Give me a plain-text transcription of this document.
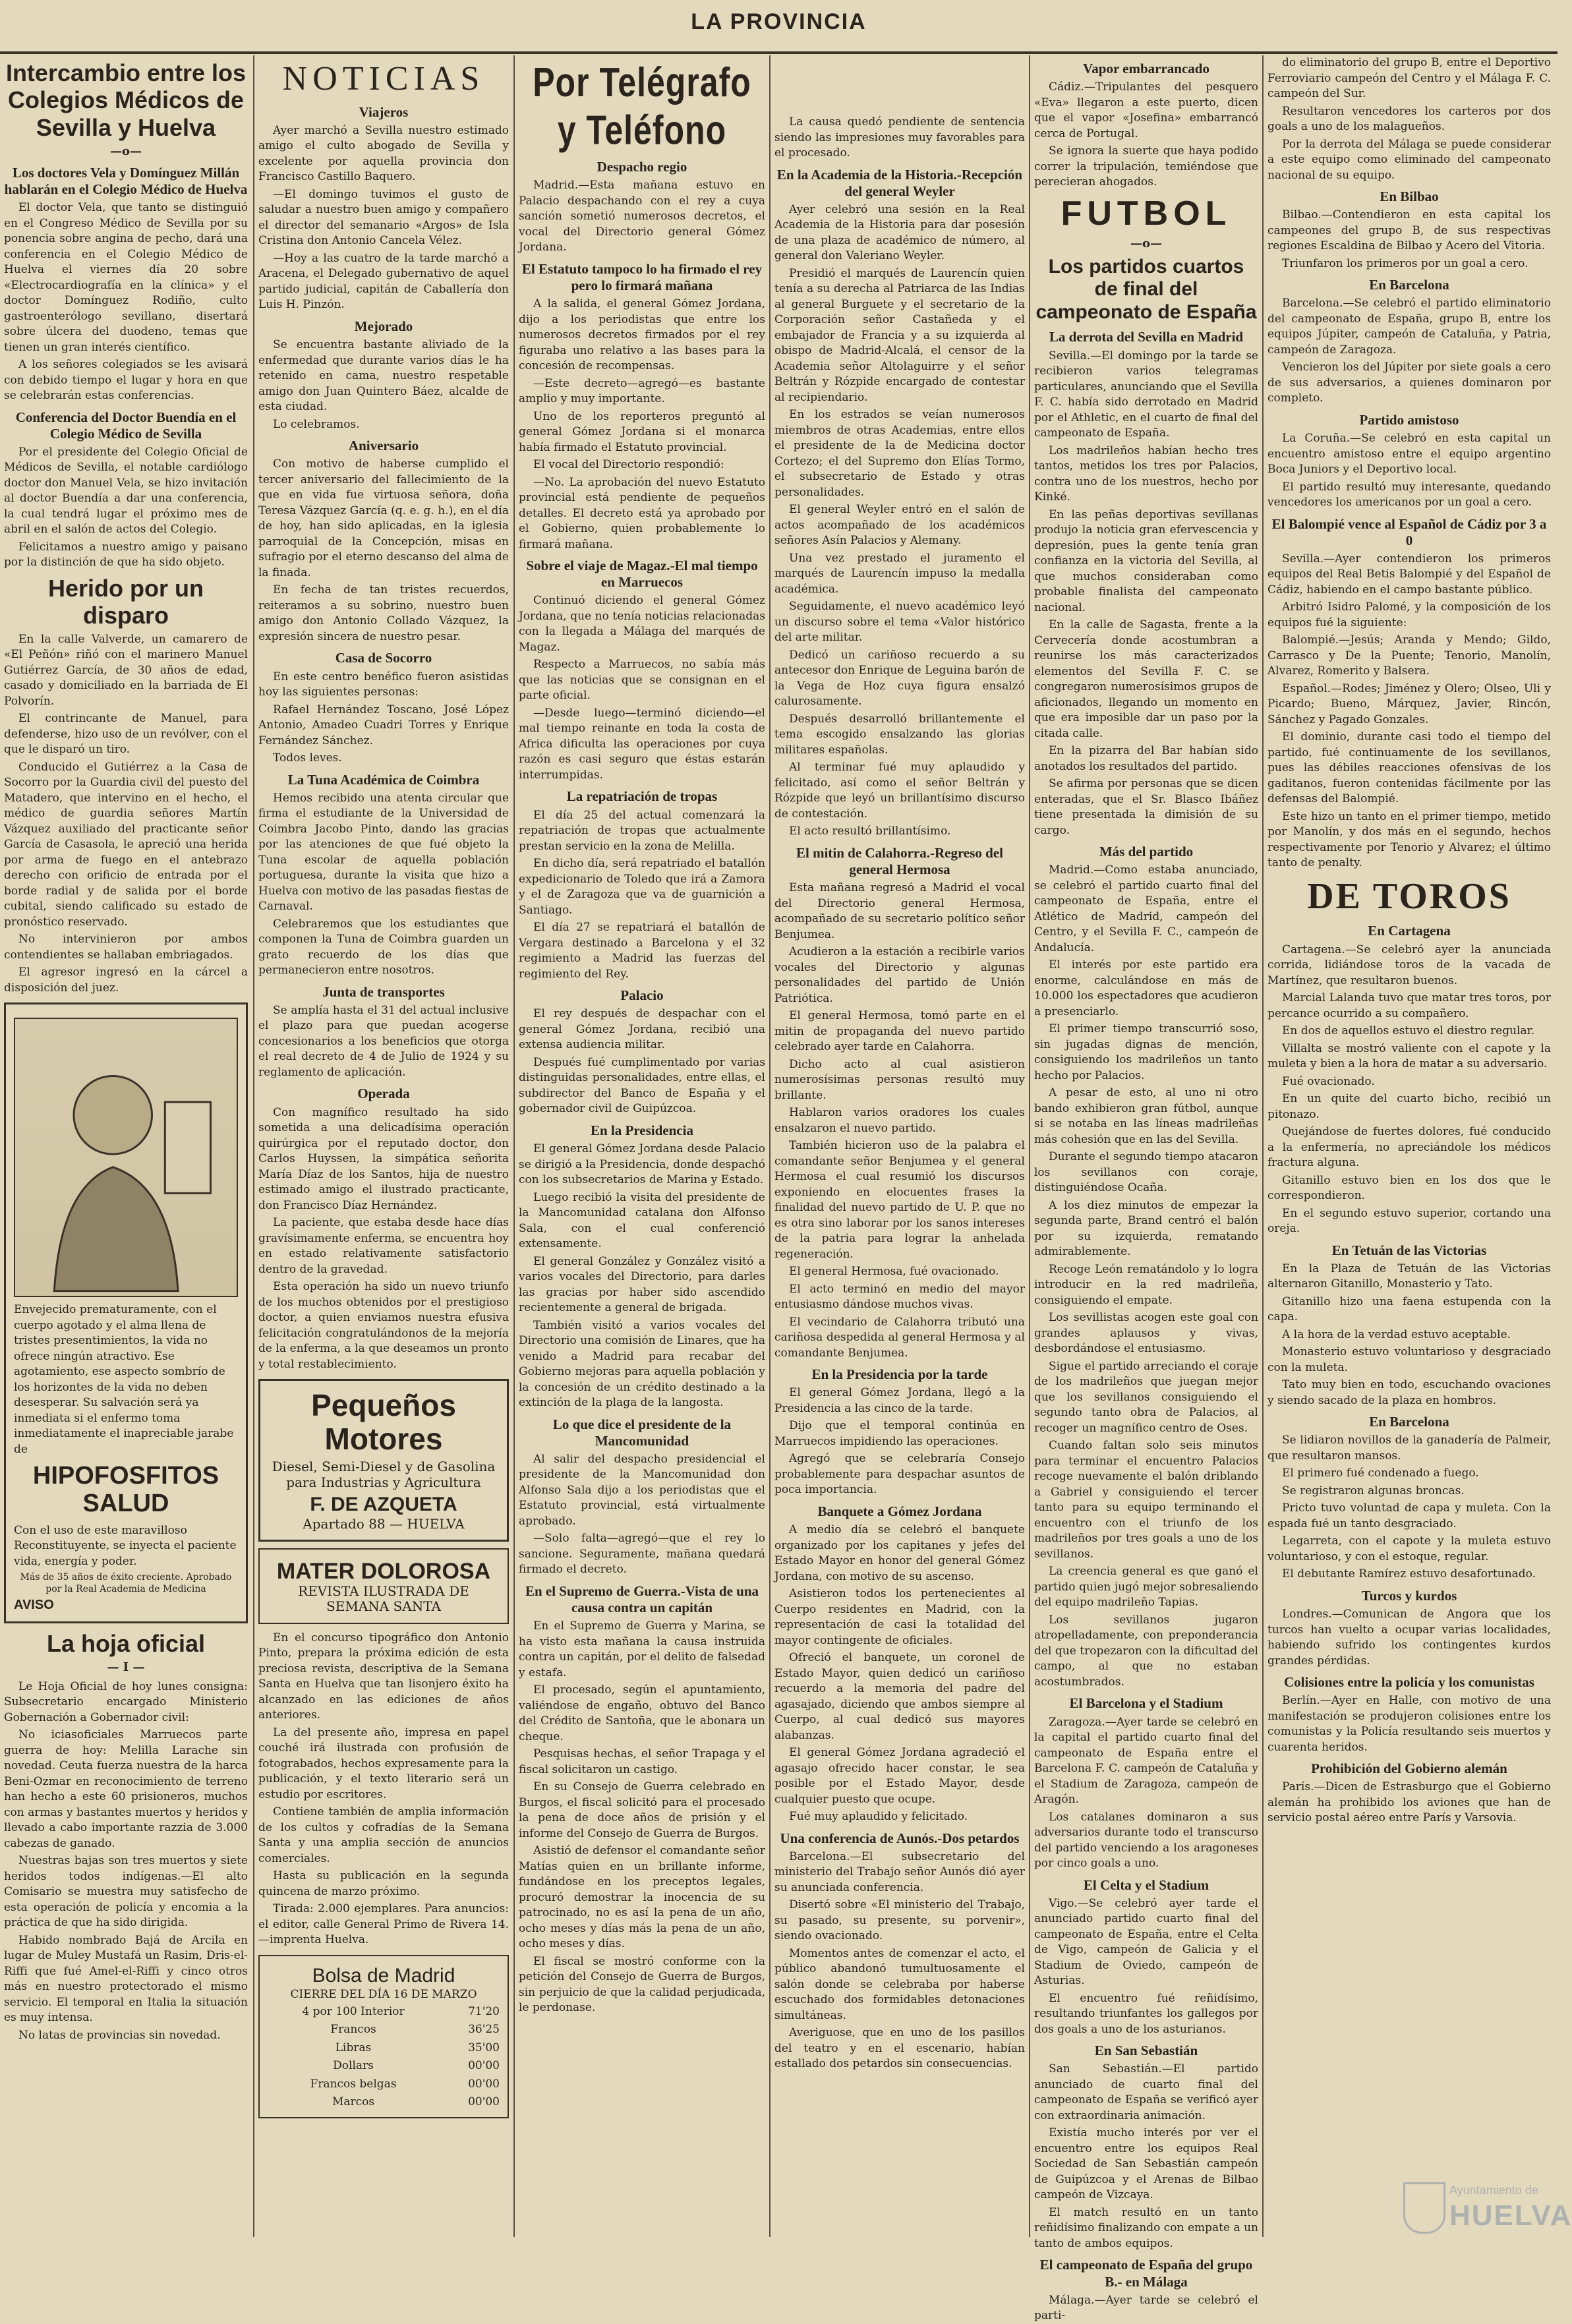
LA PROVINCIA
Intercambio entre los Colegios Médicos de Sevilla y Huelva
—o—
Los doctores Vela y Domínguez Millán hablarán en el Colegio Médico de Huelva

El doctor Vela, que tanto se distinguió en el Congreso Médico de Sevilla por su ponencia sobre angina de pecho, dará una conferencia en el Colegio Médico de Huelva el viernes día 20 sobre «Electrocardiografía en la clínica» y el doctor Domínguez Rodiño, culto gastroenterólogo sevillano, disertará sobre úlcera del duodeno, temas que tienen un gran interés científico.

A los señores colegiados se les avisará con debido tiempo el lugar y hora en que se celebrarán estas conferencias.

Conferencia del Doctor Buendía en el Colegio Médico de Sevilla

Por el presidente del Colegio Oficial de Médicos de Sevilla, el notable cardiólogo doctor don Manuel Vela, se hizo invitación al doctor Buendía a dar una conferencia, la cual tendrá lugar el próximo mes de abril en el salón de actos del Colegio.

Felicitamos a nuestro amigo y paisano por la distinción de que ha sido objeto.

Herido por un disparo

En la calle Valverde, un camarero de «El Peñón» riñó con el marinero Manuel Gutiérrez García, de 30 años de edad, casado y domiciliado en la barriada de El Polvorín.

El contrincante de Manuel, para defenderse, hizo uso de un revólver, con el que le disparó un tiro.

Conducido el Gutiérrez a la Casa de Socorro por la Guardia civil del puesto del Matadero, que intervino en el hecho, el médico de guardia señores Martín Vázquez auxiliado del practicante señor García de Casasola, le apreció una herida por arma de fuego en el antebrazo derecho con orificio de entrada por el borde radial y de salida por el borde cubital, siendo calificado su estado de pronóstico reservado.

No intervinieron por ambos contendientes se hallaban embriagados.

El agresor ingresó en la cárcel a disposición del juez.

Envejecido prematuramente, con el cuerpo agotado y el alma llena de tristes presentimientos, la vida no ofrece ningún atractivo. Ese agotamiento, ese aspecto sombrío de los horizontes de la vida no deben desesperar. Su salvación será ya inmediata si el enfermo toma inmediatamente el inapreciable jarabe de

HIPOFOSFITOS SALUD

Con el uso de este maravilloso Reconstituyente, se inyecta el paciente vida, energía y poder.

Más de 35 años de éxito creciente. Aprobado por la Real Academia de Medicina
AVISO
La hoja oficial
— I —

Le Hoja Oficial de hoy lunes consigna: Subsecretario encargado Ministerio Gobernación a Gobernador civil:

No iciasoficiales Marruecos parte guerra de hoy: Melilla Larache sin novedad. Ceuta fuerza nuestra de la harca Beni-Ozmar en reconocimiento de terreno han hecho a este 60 prisioneros, muchos con armas y bastantes muertos y heridos y llevado a cabo importante razzia de 3.000 cabezas de ganado.

Nuestras bajas son tres muertos y siete heridos todos indígenas.—El alto Comisario se muestra muy satisfecho de esta operación de policía y encomia a la práctica de que ha sido dirigida.

Habido nombrado Bajá de Arcila en lugar de Muley Mustafá un Rasim, Dris-el-Riffi que fué Amel-el-Riffi y cinco otros más en nuestro protectorado el mismo servicio. El temporal en Italia la situación es muy intensa.

No latas de provincias sin novedad.

NOTICIAS
Viajeros

Ayer marchó a Sevilla nuestro estimado amigo el culto abogado de Sevilla y excelente por aquella provincia don Francisco Castillo Baquero.

—El domingo tuvimos el gusto de saludar a nuestro buen amigo y compañero el director del semanario «Argos» de Isla Cristina don Antonio Cancela Vélez.

—Hoy a las cuatro de la tarde marchó a Aracena, el Delegado gubernativo de aquel partido judicial, capitán de Caballería don Luis H. Pinzón.

Mejorado

Se encuentra bastante aliviado de la enfermedad que durante varios días le ha retenido en cama, nuestro respetable amigo don Juan Quintero Báez, alcalde de esta ciudad.

Lo celebramos.

Aniversario

Con motivo de haberse cumplido el tercer aniversario del fallecimiento de la que en vida fue virtuosa señora, doña Teresa Vázquez García (q. e. g. h.), en el día de hoy, han sido aplicadas, en la iglesia parroquial de la Concepción, misas en sufragio por el eterno descanso del alma de la finada.

En fecha de tan tristes recuerdos, reiteramos a su sobrino, nuestro buen amigo don Antonio Collado Vázquez, la expresión sincera de nuestro pesar.

Casa de Socorro

En este centro benéfico fueron asistidas hoy las siguientes personas:

Rafael Hernández Toscano, José López Antonio, Amadeo Cuadri Torres y Enrique Fernández Sánchez.

Todos leves.

La Tuna Académica de Coimbra

Hemos recibido una atenta circular que firma el estudiante de la Universidad de Coimbra Jacobo Pinto, dando las gracias por las atenciones de que fué objeto la Tuna escolar de aquella población portuguesa, durante la visita que hizo a Huelva con motivo de las pasadas fiestas de Carnaval.

Celebraremos que los estudiantes que componen la Tuna de Coimbra guarden un grato recuerdo de los días que permanecieron entre nosotros.

Junta de transportes

Se amplía hasta el 31 del actual inclusive el plazo para que puedan acogerse concesionarios a los beneficios que otorga el real decreto de 4 de Julio de 1924 y su reglamento de aplicación.

Operada

Con magnífico resultado ha sido sometida a una delicadísima operación quirúrgica por el reputado doctor, don Carlos Huyssen, la simpática señorita María Díaz de los Santos, hija de nuestro estimado amigo el ilustrado practicante, don Francisco Díaz Hernández.

La paciente, que estaba desde hace días gravísimamente enferma, se encuentra hoy en estado relativamente satisfactorio dentro de la gravedad.

Esta operación ha sido un nuevo triunfo de los muchos obtenidos por el prestigioso doctor, a quien enviamos nuestra efusiva felicitación congratulándonos de la mejoría de la enferma, a la que deseamos un pronto y total restablecimiento.

Pequeños Motores
Diesel, Semi-Diesel y de Gasolina para Industrias y Agricultura
F. DE AZQUETA
Apartado 88 — HUELVA
MATER DOLOROSA
REVISTA ILUSTRADA DE SEMANA SANTA

En el concurso tipográfico don Antonio Pinto, prepara la próxima edición de esta preciosa revista, descriptiva de la Semana Santa en Huelva que tan lisonjero éxito ha alcanzado en las ediciones de años anteriores.

La del presente año, impresa en papel couché irá ilustrada con profusión de fotograbados, hechos expresamente para la publicación, y el texto literario será un estudio por escritores.

Contiene también de amplia información de los cultos y cofradías de la Semana Santa y una amplia sección de anuncios comerciales.

Hasta su publicación en la segunda quincena de marzo próximo.

Tirada: 2.000 ejemplares. Para anuncios: el editor, calle General Primo de Rivera 14.—imprenta Huelva.

Bolsa de Madrid
CIERRE DEL DÍA 16 DE MARZO
4 por 100 Interior	71'20
Francos	36'25
Libras	35'00
Dollars	00'00
Francos belgas	00'00
Marcos	00'00
Por Telégrafo y Teléfono
Despacho regio

Madrid.—Esta mañana estuvo en Palacio despachando con el rey a cuya sanción sometió numerosos decretos, el vocal del Directorio general Gómez Jordana.

El Estatuto tampoco lo ha firmado el rey pero lo firmará mañana

A la salida, el general Gómez Jordana, dijo a los periodistas que entre los numerosos decretos firmados por el rey figuraba uno relativo a las bases para la concesión de recompensas.

—Este decreto—agregó—es bastante amplio y muy importante.

Uno de los reporteros preguntó al general Gómez Jordana si el monarca había firmado el Estatuto provincial.

El vocal del Directorio respondió:

—No. La aprobación del nuevo Estatuto provincial está pendiente de pequeños detalles. El decreto está ya aprobado por el Gobierno, quien probablemente lo firmará mañana.

Sobre el viaje de Magaz.-El mal tiempo en Marruecos

Continuó diciendo el general Gómez Jordana, que no tenía noticias relacionadas con la llegada a Málaga del marqués de Magaz.

Respecto a Marruecos, no sabía más que las noticias que se consignan en el parte oficial.

—Desde luego—terminó diciendo—el mal tiempo reinante en toda la costa de Africa dificulta las operaciones por cuya razón es casi seguro que éstas estarán interrumpidas.

La repatriación de tropas

El día 25 del actual comenzará la repatriación de tropas que actualmente prestan servicio en la zona de Melilla.

En dicho día, será repatriado el batallón expedicionario de Toledo que irá a Zamora y el de Zaragoza que va de guarnición a Santiago.

El día 27 se repatriará el batallón de Vergara destinado a Barcelona y el 32 regimiento a Madrid las fuerzas del regimiento del Rey.

Palacio

El rey después de despachar con el general Gómez Jordana, recibió una extensa audiencia militar.

Después fué cumplimentado por varias distinguidas personalidades, entre ellas, el subdirector del Banco de España y el gobernador civil de Guipúzcoa.

En la Presidencia

El general Gómez Jordana desde Palacio se dirigió a la Presidencia, donde despachó con los subsecretarios de Marina y Estado.

Luego recibió la visita del presidente de la Mancomunidad catalana don Alfonso Sala, con el cual conferenció extensamente.

El general González y González visitó a varios vocales del Directorio, para darles las gracias por haber sido ascendido recientemente a general de brigada.

También visitó a varios vocales del Directorio una comisión de Linares, que ha venido a Madrid para recabar del Gobierno mejoras para aquella población y la concesión de un crédito destinado a la extinción de la plaga de la langosta.

Lo que dice el presidente de la Mancomunidad

Al salir del despacho presidencial el presidente de la Mancomunidad don Alfonso Sala dijo a los periodistas que el Estatuto provincial, está virtualmente aprobado.

—Solo falta—agregó—que el rey lo sancione. Seguramente, mañana quedará firmado el decreto.

En el Supremo de Guerra.-Vista de una causa contra un capitán

En el Supremo de Guerra y Marina, se ha visto esta mañana la causa instruida contra un capitán, por el delito de falsedad y estafa.

El procesado, según el apuntamiento, valiéndose de engaño, obtuvo del Banco del Crédito de Santoña, que le abonara un cheque.

Pesquisas hechas, el señor Trapaga y el fiscal solicitaron un castigo.

En su Consejo de Guerra celebrado en Burgos, el fiscal solicitó para el procesado la pena de doce años de prisión y el informe del Consejo de Guerra de Burgos.

Asistió de defensor el comandante señor Matías quien en un brillante informe, fundándose en los preceptos legales, procuró demostrar la inocencia de su patrocinado, no es así la pena de un año, ocho meses y días más la pena de un año, ocho meses y días.

El fiscal se mostró conforme con la petición del Consejo de Guerra de Burgos, sin perjuicio de que la calidad perjudicada, le perdonase.

La causa quedó pendiente de sentencia siendo las impresiones muy favorables para el procesado.

En la Academia de la Historia.-Recepción del general Weyler

Ayer celebró una sesión en la Real Academia de la Historia para dar posesión de una plaza de académico de número, al general don Valeriano Weyler.

Presidió el marqués de Laurencín quien tenía a su derecha al Patriarca de las Indias al general Burguete y el secretario de la Corporación señor Castañeda y el embajador de Francia y a su izquierda al obispo de Madrid-Alcalá, el censor de la Academia señor Altolaguirre y el señor Beltrán y Rózpide encargado de contestar al recipiendario.

En los estrados se veían numerosos miembros de otras Academias, entre ellos el presidente de la de Medicina doctor Cortezo; el del Supremo don Elías Tormo, el subsecretario de Estado y otras personalidades.

El general Weyler entró en el salón de actos acompañado de los académicos señores Asín Palacios y Alemany.

Una vez prestado el juramento el marqués de Laurencín impuso la medalla académica.

Seguidamente, el nuevo académico leyó un discurso sobre el tema «Valor histórico del arte militar.

Dedicó un cariñoso recuerdo a su antecesor don Enrique de Leguina barón de la Vega de Hoz cuya figura ensalzó calurosamente.

Después desarrolló brillantemente el tema escogido ensalzando las glorias militares españolas.

Al terminar fué muy aplaudido y felicitado, así como el señor Beltrán y Rózpide que leyó un brillantísimo discurso de contestación.

El acto resultó brillantísimo.

El mitin de Calahorra.-Regreso del general Hermosa

Esta mañana regresó a Madrid el vocal del Directorio general Hermosa, acompañado de su secretario político señor Benjumea.

Acudieron a la estación a recibirle varios vocales del Directorio y algunas personalidades del partido de Unión Patriótica.

El general Hermosa, tomó parte en el mitin de propaganda del nuevo partido celebrado ayer tarde en Calahorra.

Dicho acto al cual asistieron numerosísimas personas resultó muy brillante.

Hablaron varios oradores los cuales ensalzaron el nuevo partido.

También hicieron uso de la palabra el comandante señor Benjumea y el general Hermosa el cual resumió los discursos exponiendo en elocuentes frases la finalidad del nuevo partido de U. P. que no es otra sino laborar por los sanos intereses de la patria para lograr la anhelada regeneración.

El general Hermosa, fué ovacionado.

El acto terminó en medio del mayor entusiasmo dándose muchos vivas.

El vecindario de Calahorra tributó una cariñosa despedida al general Hermosa y al comandante Benjumea.

En la Presidencia por la tarde

El general Gómez Jordana, llegó a la Presidencia a las cinco de la tarde.

Dijo que el temporal continúa en Marruecos impidiendo las operaciones.

Agregó que se celebraría Consejo probablemente para despachar asuntos de poca importancia.

Banquete a Gómez Jordana

A medio día se celebró el banquete organizado por los capitanes y jefes del Estado Mayor en honor del general Gómez Jordana, con motivo de su ascenso.

Asistieron todos los pertenecientes al Cuerpo residentes en Madrid, con la representación de casi la totalidad del mayor contingente de oficiales.

Ofreció el banquete, un coronel de Estado Mayor, quien dedicó un cariñoso recuerdo a la memoria del padre del agasajado, diciendo que ambos siempre al Cuerpo, al cual dedicó sus mayores alabanzas.

El general Gómez Jordana agradeció el agasajo ofrecido hacer constar, le sea posible por el Estado Mayor, desde cualquier puesto que ocupe.

Fué muy aplaudido y felicitado.

Una conferencia de Aunós.-Dos petardos

Barcelona.—El subsecretario del ministerio del Trabajo señor Aunós dió ayer su anunciada conferencia.

Disertó sobre «El ministerio del Trabajo, su pasado, su presente, su porvenir», siendo ovacionado.

Momentos antes de comenzar el acto, el público abandonó tumultuosamente el salón donde se celebraba por haberse escuchado dos formidables detonaciones simultáneas.

Averiguose, que en uno de los pasillos del teatro y en el escenario, habían estallado dos petardos sin consecuencias.

Vapor embarrancado

Cádiz.—Tripulantes del pesquero «Eva» llegaron a este puerto, dicen que el vapor «Josefina» embarrancó cerca de Portugal.

Se ignora la suerte que haya podido correr la tripulación, temiéndose que perecieran ahogados.

FUTBOL
—o—
Los partidos cuartos de final del campeonato de España
La derrota del Sevilla en Madrid

Sevilla.—El domingo por la tarde se recibieron varios telegramas particulares, anunciando que el Sevilla F. C. había sido derrotado en Madrid por el Athletic, en el cuarto de final del campeonato de España.

Los madrileños habían hecho tres tantos, metidos los tres por Palacios, contra uno de los nuestros, hecho por Kinké.

En las peñas deportivas sevillanas produjo la noticia gran efervescencia y depresión, pues la gente tenía gran confianza en la victoria del Sevilla, al que muchos consideraban como probable finalista del campeonato nacional.

En la calle de Sagasta, frente a la Cervecería donde acostumbran a reunirse los más caracterizados elementos del Sevilla F. C. se congregaron numerosísimos grupos de aficionados, llegando un momento en que era imposible dar un paso por la citada calle.

En la pizarra del Bar habían sido anotados los resultados del partido.

Se afirma por personas que se dicen enteradas, que el Sr. Blasco Ibáñez tiene presentada la dimisión de su cargo.

Más del partido

Madrid.—Como estaba anunciado, se celebró el partido cuarto final del campeonato de España, entre el Atlético de Madrid, campeón del Centro, y el Sevilla F. C., campeón de Andalucía.

El interés por este partido era enorme, calculándose en más de 10.000 los espectadores que acudieron a presenciarlo.

El primer tiempo transcurrió soso, sin jugadas dignas de mención, consiguiendo los madrileños un tanto hecho por Palacios.

A pesar de esto, al uno ni otro bando exhibieron gran fútbol, aunque si se notaba en las líneas madrileñas más cohesión que en las del Sevilla.

Durante el segundo tiempo atacaron los sevillanos con coraje, distinguiéndose Ocaña.

A los diez minutos de empezar la segunda parte, Brand centró el balón por su izquierda, rematando admirablemente.

Recoge León rematándolo y lo logra introducir en la red madrileña, consiguiendo el empate.

Los sevillistas acogen este goal con grandes aplausos y vivas, desbordándose el entusiasmo.

Sigue el partido arreciando el coraje de los madrileños que juegan mejor que los sevillanos consiguiendo el segundo tanto obra de Palacios, al recoger un magnífico centro de Oses.

Cuando faltan solo seis minutos para terminar el encuentro Palacios recoge nuevamente el balón driblando a Gabriel y consiguiendo el tercer tanto para su equipo terminando el encuentro con el triunfo de los madrileños por tres goals a uno de los sevillanos.

La creencia general es que ganó el partido quien jugó mejor sobresaliendo del equipo madrileño Tapias.

Los sevillanos jugaron atropelladamente, con preponderancia del que tropezaron con la dificultad del campo, al que no estaban acostumbrados.

El Barcelona y el Stadium

Zaragoza.—Ayer tarde se celebró en la capital el partido cuarto final del campeonato de España entre el Barcelona F. C. campeón de Cataluña y el Stadium de Zaragoza, campeón de Aragón.

Los catalanes dominaron a sus adversarios durante todo el transcurso del partido venciendo a los aragoneses por cinco goals a uno.

El Celta y el Stadium

Vigo.—Se celebró ayer tarde el anunciado partido cuarto final del campeonato de España, entre el Celta de Vigo, campeón de Galicia y el Stadium de Oviedo, campeón de Asturias.

El encuentro fué reñidísimo, resultando triunfantes los gallegos por dos goals a uno de los asturianos.

En San Sebastián

San Sebastián.—El partido anunciado de cuarto final del campeonato de España se verificó ayer con extraordinaria animación.

Existía mucho interés por ver el encuentro entre los equipos Real Sociedad de San Sebastián campeón de Guipúzcoa y el Arenas de Bilbao campeón de Vizcaya.

El match resultó en un tanto reñidísimo finalizando con empate a un tanto de ambos equipos.

El campeonato de España del grupo B.- en Málaga

Málaga.—Ayer tarde se celebró el parti-

do eliminatorio del grupo B, entre el Deportivo Ferroviario campeón del Centro y el Málaga F. C. campeón del Sur.

Resultaron vencedores los carteros por dos goals a uno de los malagueños.

Por la derrota del Málaga se puede considerar a este equipo como eliminado del campeonato nacional de su equipo.

En Bilbao

Bilbao.—Contendieron en esta capital los campeones del grupo B, de sus respectivas regiones Escaldina de Bilbao y Acero del Vitoria.

Triunfaron los primeros por un goal a cero.

En Barcelona

Barcelona.—Se celebró el partido eliminatorio del campeonato de España, grupo B, entre los equipos Júpiter, campeón de Cataluña, y Patria, campeón de Zaragoza.

Vencieron los del Júpiter por siete goals a cero de sus adversarios, a quienes dominaron por completo.

Partido amistoso

La Coruña.—Se celebró en esta capital un encuentro amistoso entre el equipo argentino Boca Juniors y el Deportivo local.

El partido resultó muy interesante, quedando vencedores los americanos por un goal a cero.

El Balompié vence al Español de Cádiz por 3 a 0

Sevilla.—Ayer contendieron los primeros equipos del Real Betis Balompié y del Español de Cádiz, habiendo en el campo bastante público.

Arbitró Isidro Palomé, y la composición de los equipos fué la siguiente:

Balompié.—Jesús; Aranda y Mendo; Gildo, Carrasco y De la Puente; Tenorio, Manolín, Alvarez, Romerito y Balsera.

Español.—Rodes; Jiménez y Olero; Olseo, Uli y Picardo; Bueno, Márquez, Javier, Rincón, Sánchez y Pagado Gonzales.

El dominio, durante casi todo el tiempo del partido, fué continuamente de los sevillanos, pues las débiles reacciones ofensivas de los gaditanos, fueron contenidas fácilmente por las defensas del Balompié.

Este hizo un tanto en el primer tiempo, metido por Manolín, y dos más en el segundo, hechos respectivamente por Tenorio y Alvarez; el último tanto de penalty.

DE TOROS
En Cartagena

Cartagena.—Se celebró ayer la anunciada corrida, lidiándose toros de la vacada de Martínez, que resultaron buenos.

Marcial Lalanda tuvo que matar tres toros, por percance ocurrido a su compañero.

En dos de aquellos estuvo el diestro regular.

Villalta se mostró valiente con el capote y la muleta y bien a la hora de matar a su adversario.

Fué ovacionado.

En un quite del cuarto bicho, recibió un pitonazo.

Quejándose de fuertes dolores, fué conducido a la enfermería, no apreciándole los médicos fractura alguna.

Gitanillo estuvo bien en los dos que le correspondieron.

En el segundo estuvo superior, cortando una oreja.

En Tetuán de las Victorias

En la Plaza de Tetuán de las Victorias alternaron Gitanillo, Monasterio y Tato.

Gitanillo hizo una faena estupenda con la capa.

A la hora de la verdad estuvo aceptable.

Monasterio estuvo voluntarioso y desgraciado con la muleta.

Tato muy bien en todo, escuchando ovaciones y siendo sacado de la plaza en hombros.

En Barcelona

Se lidiaron novillos de la ganadería de Palmeir, que resultaron mansos.

El primero fué condenado a fuego.

Se registraron algunas broncas.

Pricto tuvo voluntad de capa y muleta. Con la espada fué un tanto desgraciado.

Legarreta, con el capote y la muleta estuvo voluntarioso, y con el estoque, regular.

El debutante Ramírez estuvo desafortunado.

Turcos y kurdos

Londres.—Comunican de Angora que los turcos han vuelto a ocupar varias localidades, habiendo sufrido los contingentes kurdos grandes pérdidas.

Colisiones entre la policía y los comunistas

Berlín.—Ayer en Halle, con motivo de una manifestación se produjeron colisiones entre los comunistas y la Policía resultando seis muertos y cuarenta heridos.

Prohibición del Gobierno alemán

París.—Dicen de Estrasburgo que el Gobierno alemán ha prohibido los aviones que han de servicio postal aéreo entre París y Varsovia.

Ayuntamiento de
HUELVA
